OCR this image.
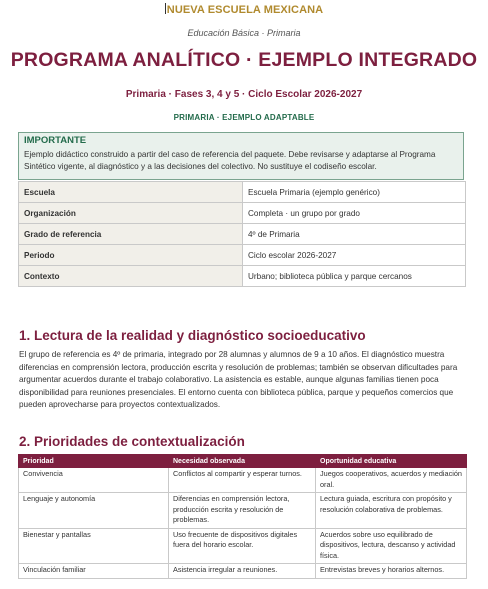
NUEVA ESCUELA MEXICANA
Educación Básica · Primaria
PROGRAMA ANALÍTICO · EJEMPLO INTEGRADO
Primaria · Fases 3, 4 y 5 · Ciclo Escolar 2026-2027
PRIMARIA · EJEMPLO ADAPTABLE
IMPORTANTE
Ejemplo didáctico construido a partir del caso de referencia del paquete. Debe revisarse y adaptarse al Programa Sintético vigente, al diagnóstico y a las decisiones del colectivo. No sustituye el codiseño escolar.
Escuela	Escuela Primaria (ejemplo genérico)
Organización	Completa · un grupo por grado
Grado de referencia	4º de Primaria
Periodo	Ciclo escolar 2026-2027
Contexto	Urbano; biblioteca pública y parque cercanos
1. Lectura de la realidad y diagnóstico socioeducativo
El grupo de referencia es 4º de primaria, integrado por 28 alumnas y alumnos de 9 a 10 años. El diagnóstico muestra diferencias en comprensión lectora, producción escrita y resolución de problemas; también se observan dificultades para argumentar acuerdos durante el trabajo colaborativo. La asistencia es estable, aunque algunas familias tienen poca disponibilidad para reuniones presenciales. El entorno cuenta con biblioteca pública, parque y pequeños comercios que pueden aprovecharse para proyectos contextualizados.
2. Prioridades de contextualización
Prioridad	Necesidad observada	Oportunidad educativa
Convivencia	Conflictos al compartir y esperar turnos.	Juegos cooperativos, acuerdos y mediación oral.
Lenguaje y autonomía	Diferencias en comprensión lectora, producción escrita y resolución de problemas.	Lectura guiada, escritura con propósito y resolución colaborativa de problemas.
Bienestar y pantallas	Uso frecuente de dispositivos digitales fuera del horario escolar.	Acuerdos sobre uso equilibrado de dispositivos, lectura, descanso y actividad física.
Vinculación familiar	Asistencia irregular a reuniones.	Entrevistas breves y horarios alternos.
